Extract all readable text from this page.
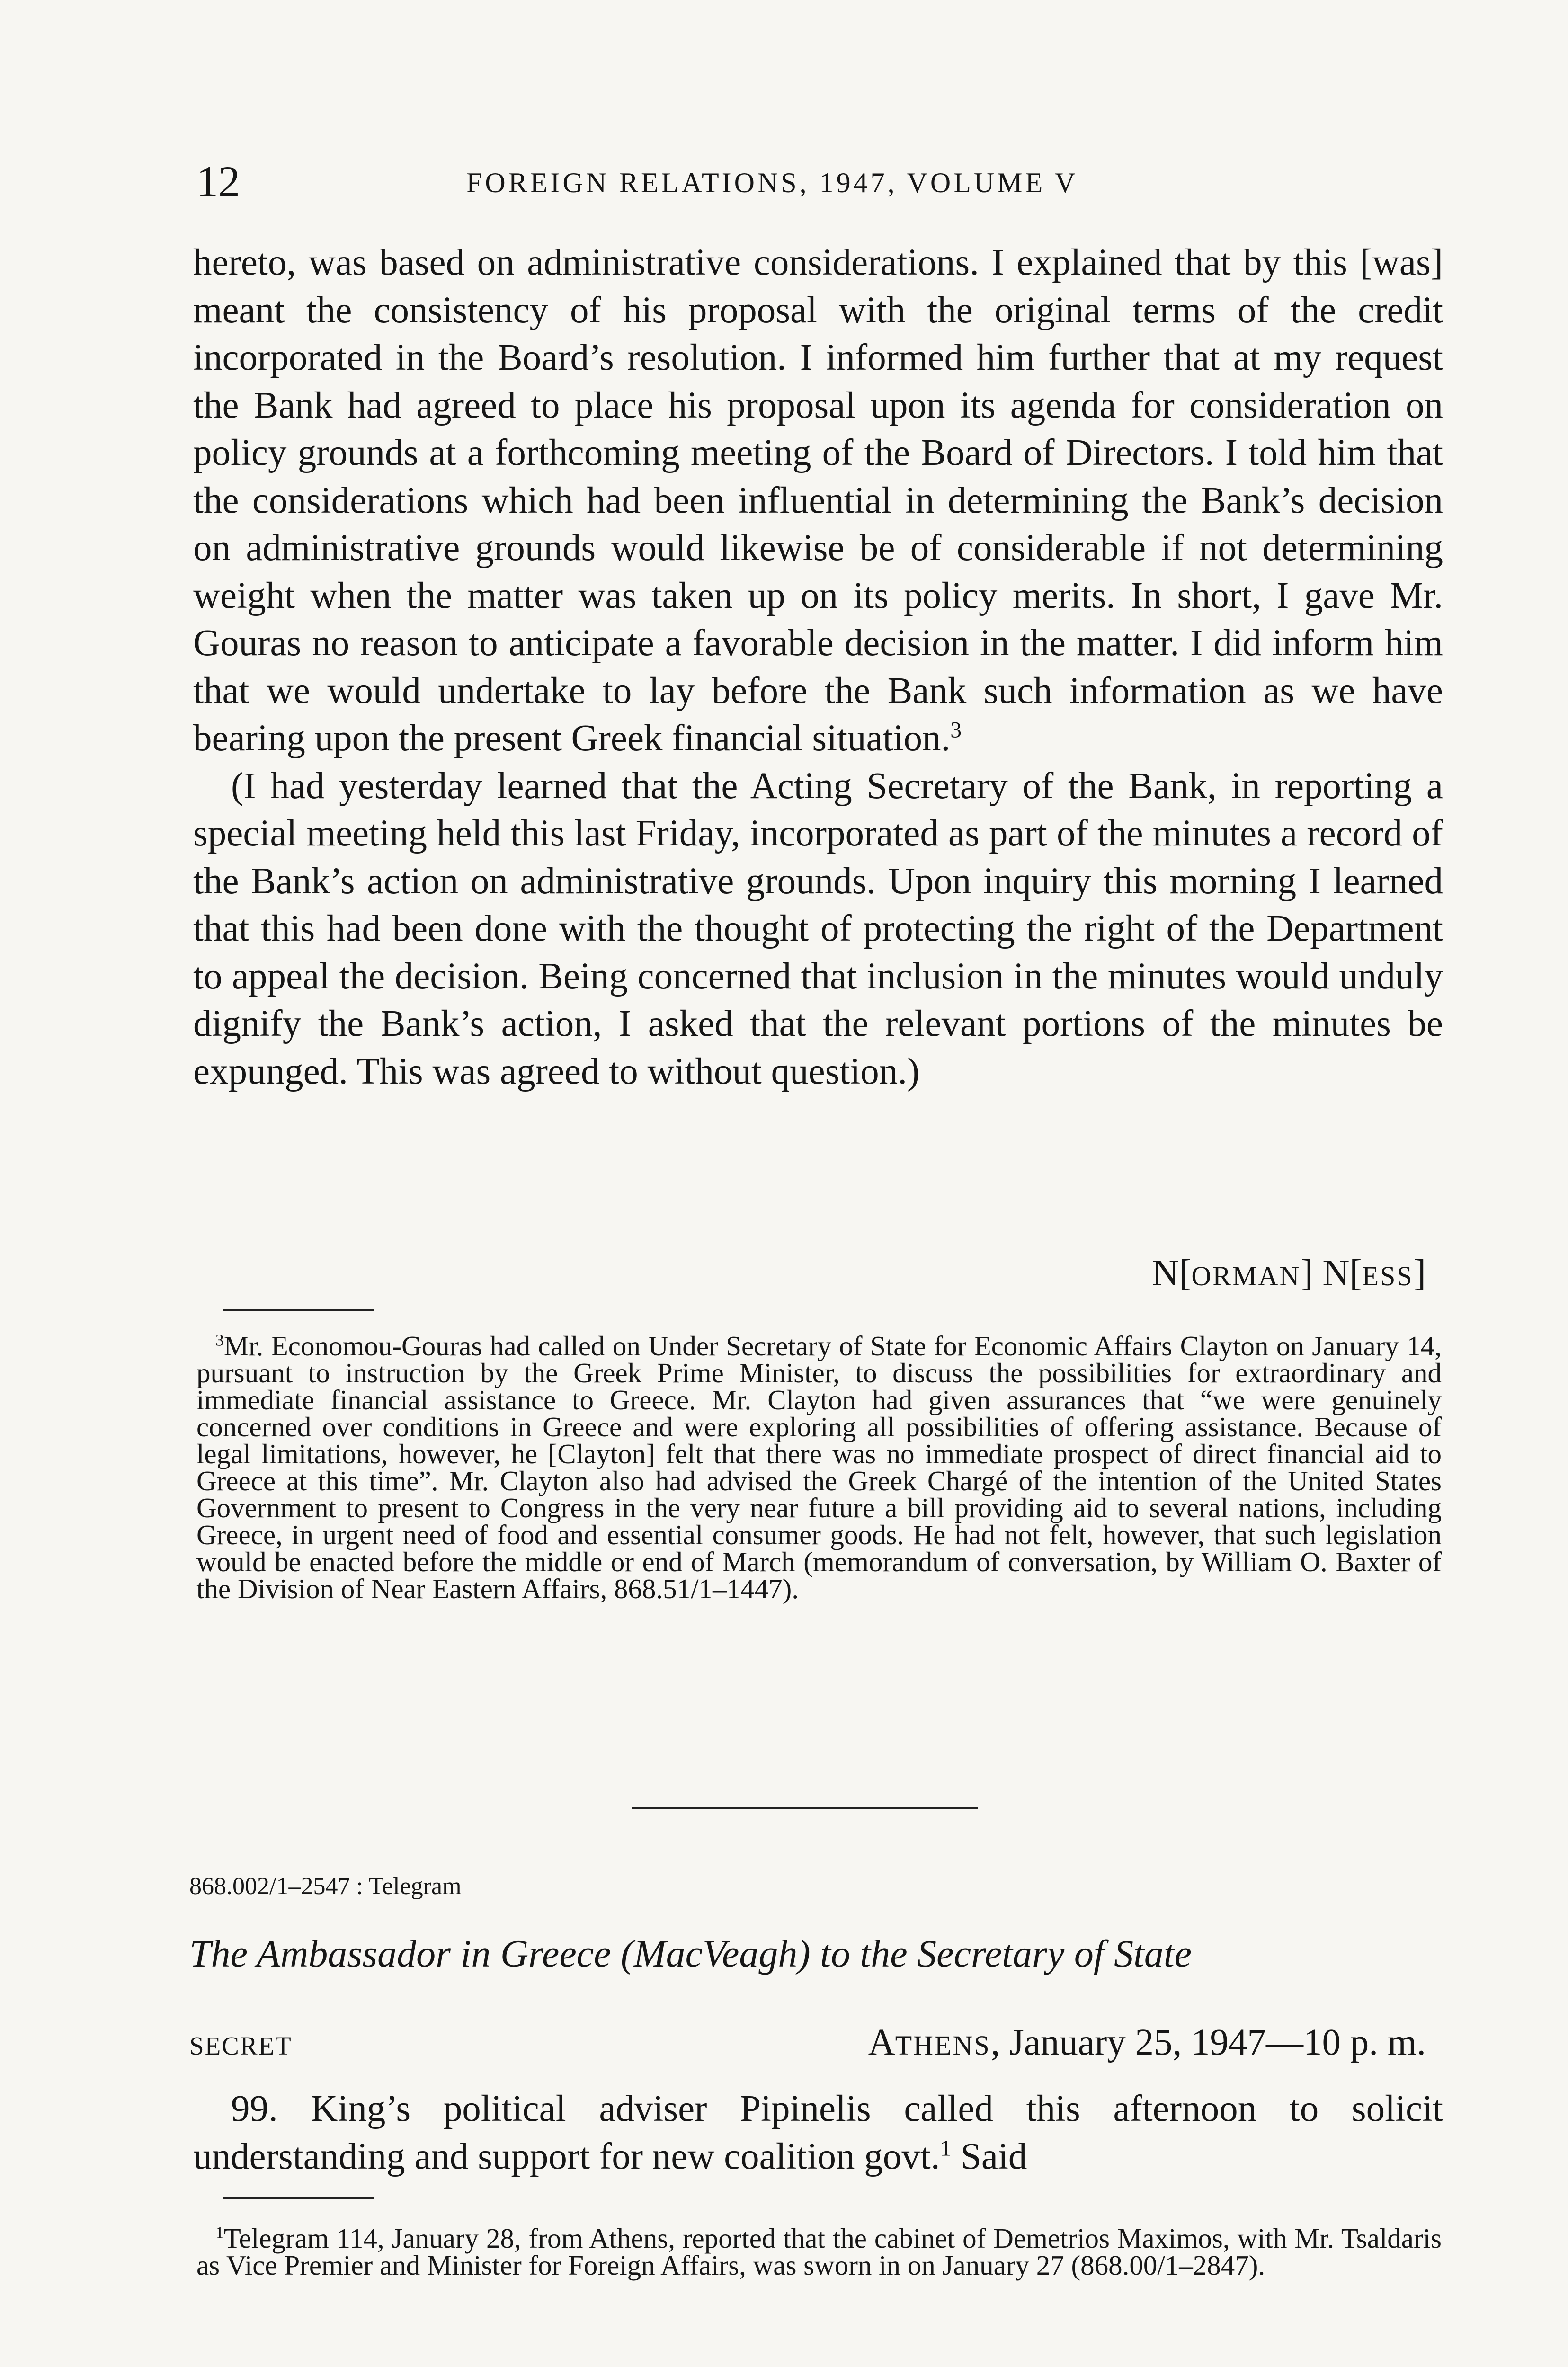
12	FOREIGN RELATIONS, 1947, VOLUME V

hereto, was based on administrative considerations. I explained that by this [was] meant the consistency of his proposal with the original terms of the credit incorporated in the Board’s resolution. I informed him further that at my request the Bank had agreed to place his proposal upon its agenda for consideration on policy grounds at a forthcoming meeting of the Board of Directors. I told him that the considerations which had been influential in determining the Bank’s decision on administrative grounds would likewise be of considerable if not determining weight when the matter was taken up on its policy merits. In short, I gave Mr. Gouras no reason to anticipate a favorable decision in the matter. I did inform him that we would undertake to lay before the Bank such information as we have bearing upon the present Greek financial situation.$^3$

(I had yesterday learned that the Acting Secretary of the Bank, in reporting a special meeting held this last Friday, incorporated as part of the minutes a record of the Bank’s action on administrative grounds. Upon inquiry this morning I learned that this had been done with the thought of protecting the right of the Department to appeal the decision. Being concerned that inclusion in the minutes would unduly dignify the Bank’s action, I asked that the relevant portions of the minutes be expunged. This was agreed to without question.)

N[ORMAN] N[ESS]

$^3$Mr. Economou-Gouras had called on Under Secretary of State for Economic Affairs Clayton on January 14, pursuant to instruction by the Greek Prime Minister, to discuss the possibilities for extraordinary and immediate financial assistance to Greece. Mr. Clayton had given assurances that “we were genuinely concerned over conditions in Greece and were exploring all possibilities of offering assistance. Because of legal limitations, however, he [Clayton] felt that there was no immediate prospect of direct financial aid to Greece at this time”. Mr. Clayton also had advised the Greek Chargé of the intention of the United States Government to present to Congress in the very near future a bill providing aid to several nations, including Greece, in urgent need of food and essential consumer goods. He had not felt, however, that such legislation would be enacted before the middle or end of March (memorandum of conversation, by William O. Baxter of the Division of Near Eastern Affairs, 868.51/1–1447).

868.002/1–2547 : Telegram
The Ambassador in Greece (MacVeagh) to the Secretary of State
SECRET	ATHENS, January 25, 1947—10 p. m.

99. King’s political adviser Pipinelis called this afternoon to solicit understanding and support for new coalition govt.$^1$ Said

$^1$Telegram 114, January 28, from Athens, reported that the cabinet of Demetrios Maximos, with Mr. Tsaldaris as Vice Premier and Minister for Foreign Affairs, was sworn in on January 27 (868.00/1–2847).
